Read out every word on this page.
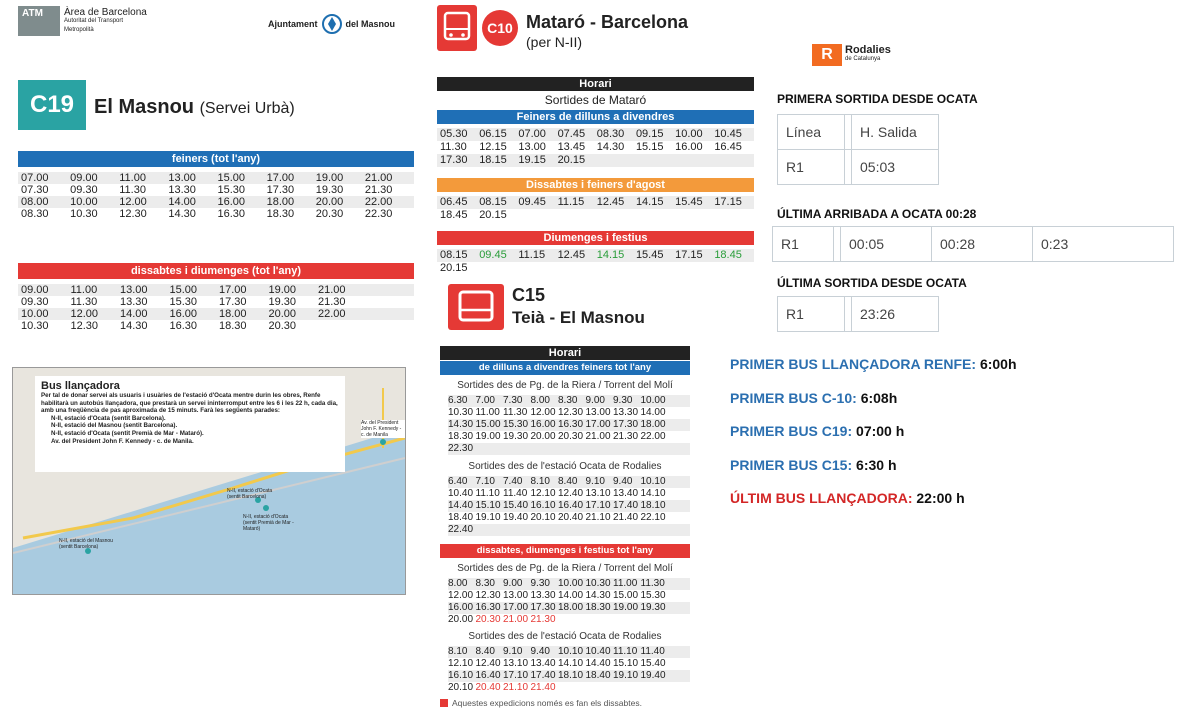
ATM	Àrea de Barcelona
Autoritat del Transport
Metropolità
Ajuntament	del Masnou
C19 El Masnou (Servei Urbà)
feiners (tot l'any)
07.00	09.00	11.00	13.00	15.00	17.00	19.00	21.00
07.30	09.30	11.30	13.30	15.30	17.30	19.30	21.30
08.00	10.00	12.00	14.00	16.00	18.00	20.00	22.00
08.30	10.30	12.30	14.30	16.30	18.30	20.30	22.30
dissabtes i diumenges (tot l'any)
09.00	11.00	13.00	15.00	17.00	19.00	21.00
09.30	11.30	13.30	15.30	17.30	19.30	21.30
10.00	12.00	14.00	16.00	18.00	20.00	22.00
10.30	12.30	14.30	16.30	18.30	20.30
Bus llançadora
Per tal de donar servei als usuaris i usuàries de l'estació d'Ocata mentre durin les obres, Renfe habilitarà un autobús llançadora, que prestarà un servei ininterromput entre les 6 i les 22 h, cada dia, amb una freqüència de pas aproximada de 15 minuts. Farà les següents parades:
N-II, estació d'Ocata (sentit Barcelona).
N-II, estació del Masnou (sentit Barcelona).
N-II, estació d'Ocata (sentit Premià de Mar - Mataró).
Av. del President John F. Kennedy - c. de Manila.
Av. del President John F. Kennedy - c. de Manila
N-II, estació d'Ocata (sentit Barcelona)
N-II, estació d'Ocata (sentit Premià de Mar - Mataró)
N-II, estació del Masnou (sentit Barcelona)
C10 Mataró - Barcelona
(per N-II)
Horari
Sortides de Mataró
Feiners de dilluns a divendres
05.30	06.15	07.00	07.45	08.30	09.15	10.00	10.45
11.30	12.15	13.00	13.45	14.30	15.15	16.00	16.45
17.30	18.15	19.15	20.15
Dissabtes i feiners d'agost
06.45	08.15	09.45	11.15	12.45	14.15	15.45	17.15
18.45	20.15
Diumenges i festius
08.15	09.45	11.15	12.45	14.15	15.45	17.15	18.45
20.15
C15
Teià - El Masnou
Horari
de dilluns a divendres feiners tot l'any
Sortides des de Pg. de la Riera / Torrent del Molí
6.30 7.00 7.30 8.00 8.30 9.00 9.30 10.00
10.30 11.00 11.30 12.00 12.30 13.00 13.30 14.00
14.30 15.00 15.30 16.00 16.30 17.00 17.30 18.00
18.30 19.00 19.30 20.00 20.30 21.00 21.30 22.00
22.30
Sortides des de l'estació Ocata de Rodalies
6.40 7.10 7.40 8.10 8.40 9.10 9.40 10.10
10.40 11.10 11.40 12.10 12.40 13.10 13.40 14.10
14.40 15.10 15.40 16.10 16.40 17.10 17.40 18.10
18.40 19.10 19.40 20.10 20.40 21.10 21.40 22.10
22.40
dissabtes, diumenges i festius tot l'any
Sortides des de Pg. de la Riera / Torrent del Molí
8.00 8.30 9.00 9.30 10.00 10.30 11.00 11.30
12.00 12.30 13.00 13.30 14.00 14.30 15.00 15.30
16.00 16.30 17.00 17.30 18.00 18.30 19.00 19.30
20.00 20.30 21.00 21.30
Sortides des de l'estació Ocata de Rodalies
8.10 8.40 9.10 9.40 10.10 10.40 11.10 11.40
12.10 12.40 13.10 13.40 14.10 14.40 15.10 15.40
16.10 16.40 17.10 17.40 18.10 18.40 19.10 19.40
20.10 20.40 21.10 21.40
Aquestes expedicions només es fan els dissabtes.
R	Rodalies
de Catalunya
PRIMERA SORTIDA DESDE OCATA
Línea		H. Salida
R1		05:03
ÚLTIMA ARRIBADA A OCATA 00:28
R1		00:05	00:28	0:23
ÚLTIMA SORTIDA DESDE OCATA
R1		23:26
PRIMER BUS LLANÇADORA RENFE: 6:00h
PRIMER BUS C-10: 6:08h
PRIMER BUS C19: 07:00 h
PRIMER BUS C15: 6:30 h
ÚLTIM BUS LLANÇADORA: 22:00 h
